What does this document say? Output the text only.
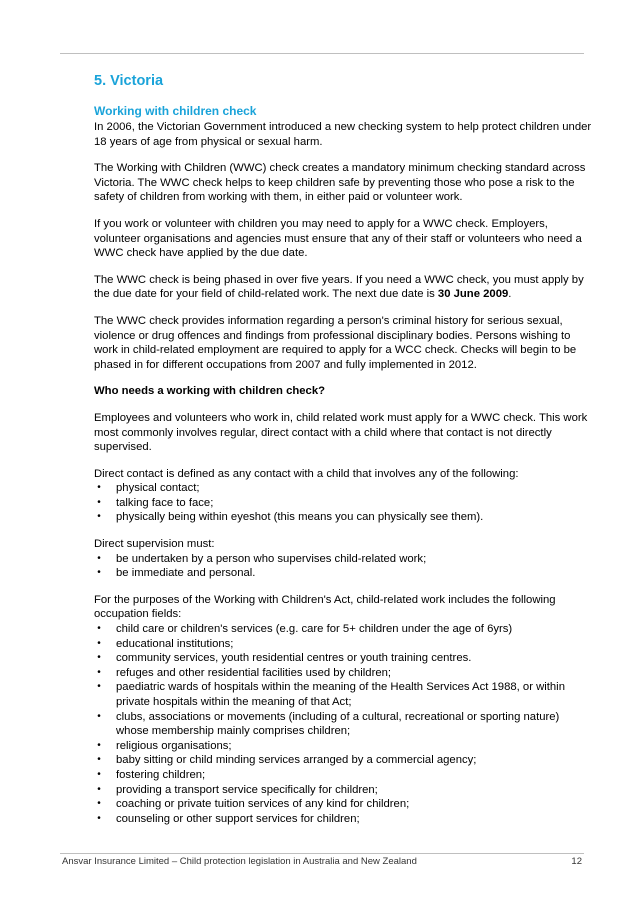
5. Victoria
Working with children check

In 2006, the Victorian Government introduced a new checking system to help protect children under 18 years of age from physical or sexual harm.

The Working with Children (WWC) check creates a mandatory minimum checking standard across Victoria. The WWC check helps to keep children safe by preventing those who pose a risk to the safety of children from working with them, in either paid or volunteer work.

If you work or volunteer with children you may need to apply for a WWC check. Employers, volunteer organisations and agencies must ensure that any of their staff or volunteers who need a WWC check have applied by the due date.

The WWC check is being phased in over five years. If you need a WWC check, you must apply by the due date for your field of child-related work. The next due date is 30 June 2009.

The WWC check provides information regarding a person's criminal history for serious sexual, violence or drug offences and findings from professional disciplinary bodies. Persons wishing to work in child-related employment are required to apply for a WCC check. Checks will begin to be phased in for different occupations from 2007 and fully implemented in 2012.

Who needs a working with children check?

Employees and volunteers who work in, child related work must apply for a WWC check. This work most commonly involves regular, direct contact with a child where that contact is not directly supervised.

Direct contact is defined as any contact with a child that involves any of the following:

• physical contact;
• talking face to face;
• physically being within eyeshot (this means you can physically see them).

Direct supervision must:

• be undertaken by a person who supervises child-related work;
• be immediate and personal.

For the purposes of the Working with Children's Act, child-related work includes the following occupation fields:

• child care or children's services (e.g. care for 5+ children under the age of 6yrs)
• educational institutions;
• community services, youth residential centres or youth training centres.
• refuges and other residential facilities used by children;
• paediatric wards of hospitals within the meaning of the Health Services Act 1988, or within private hospitals within the meaning of that Act;
• clubs, associations or movements (including of a cultural, recreational or sporting nature) whose membership mainly comprises children;
• religious organisations;
• baby sitting or child minding services arranged by a commercial agency;
• fostering children;
• providing a transport service specifically for children;
• coaching or private tuition services of any kind for children;
• counseling or other support services for children;
Ansvar Insurance Limited – Child protection legislation in Australia and New Zealand	12
